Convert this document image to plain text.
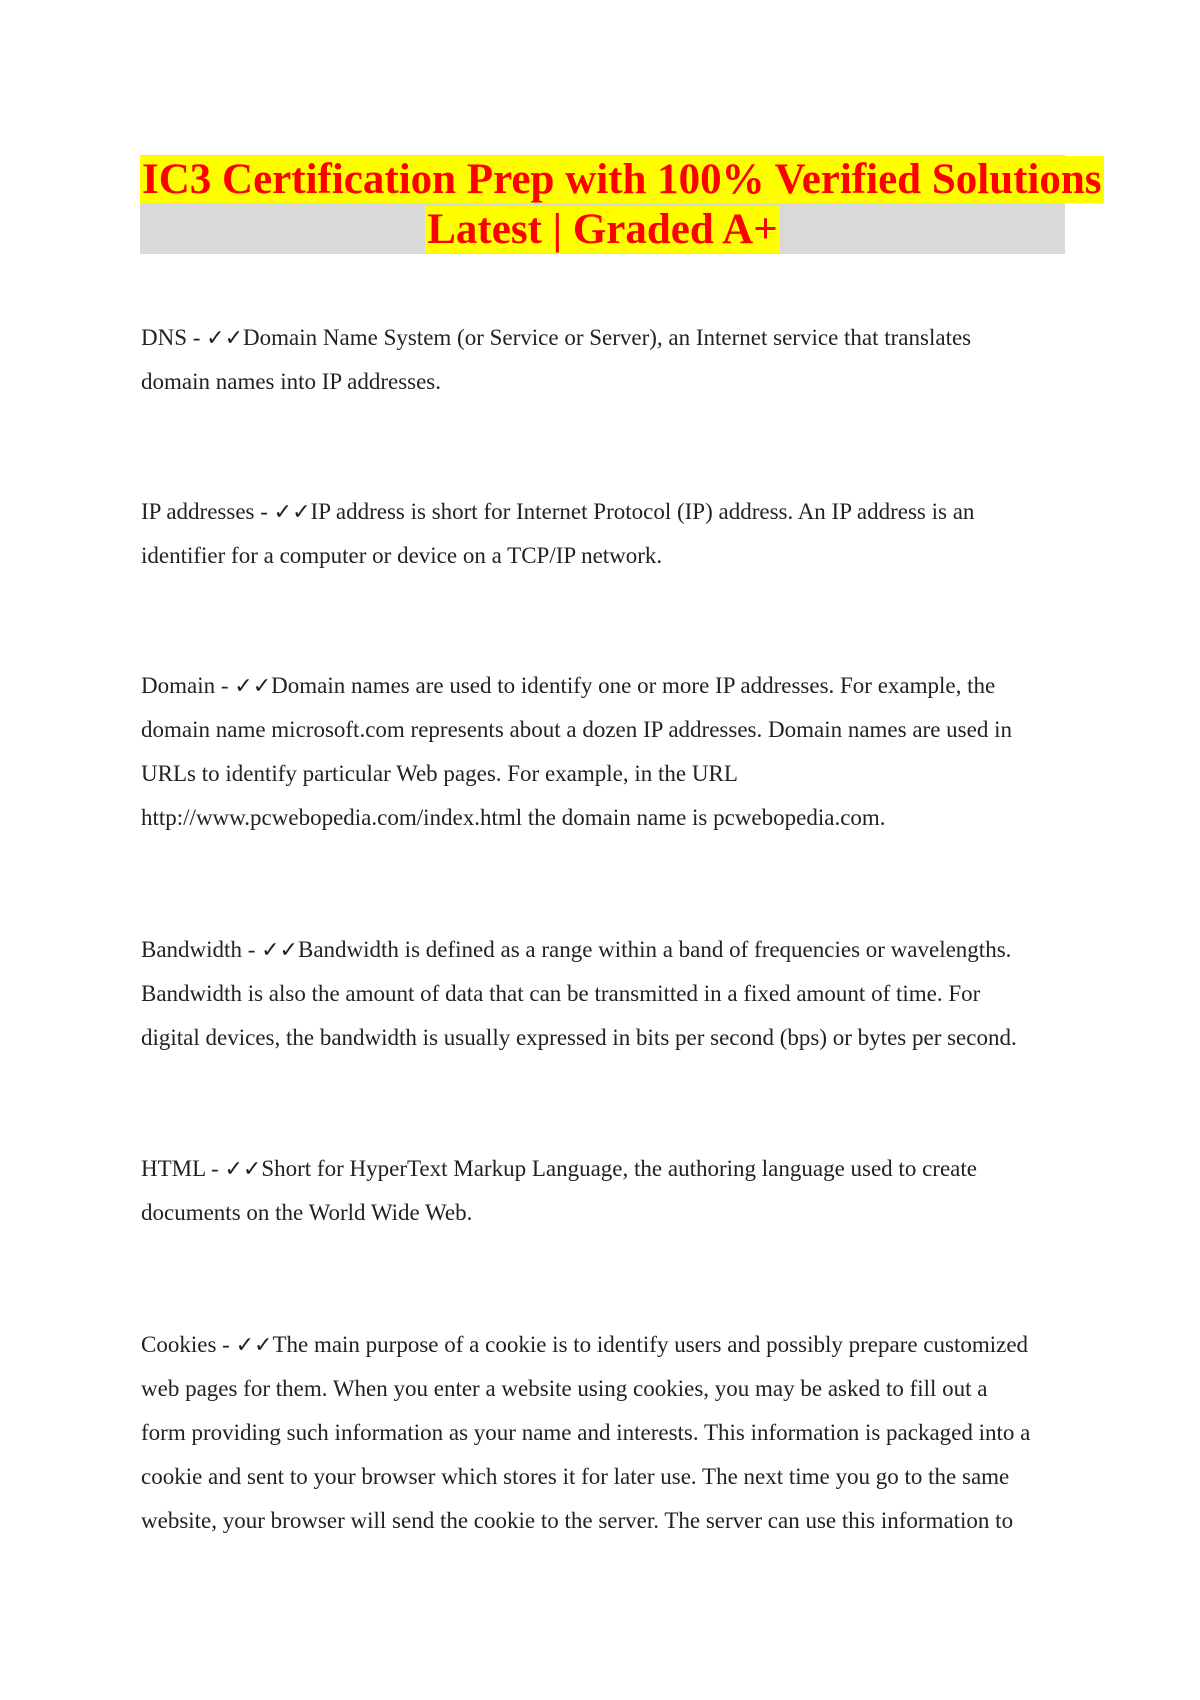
IC3 Certification Prep with 100% Verified Solutions
Latest | Graded A+
DNS - ✓✓Domain Name System (or Service or Server), an Internet service that translates
domain names into IP addresses.
IP addresses - ✓✓IP address is short for Internet Protocol (IP) address. An IP address is an
identifier for a computer or device on a TCP/IP network.
Domain - ✓✓Domain names are used to identify one or more IP addresses. For example, the
domain name microsoft.com represents about a dozen IP addresses. Domain names are used in
URLs to identify particular Web pages. For example, in the URL
http://www.pcwebopedia.com/index.html the domain name is pcwebopedia.com.
Bandwidth - ✓✓Bandwidth is defined as a range within a band of frequencies or wavelengths.
Bandwidth is also the amount of data that can be transmitted in a fixed amount of time. For
digital devices, the bandwidth is usually expressed in bits per second (bps) or bytes per second.
HTML - ✓✓Short for HyperText Markup Language, the authoring language used to create
documents on the World Wide Web.
Cookies - ✓✓The main purpose of a cookie is to identify users and possibly prepare customized
web pages for them. When you enter a website using cookies, you may be asked to fill out a
form providing such information as your name and interests. This information is packaged into a
cookie and sent to your browser which stores it for later use. The next time you go to the same
website, your browser will send the cookie to the server. The server can use this information to
